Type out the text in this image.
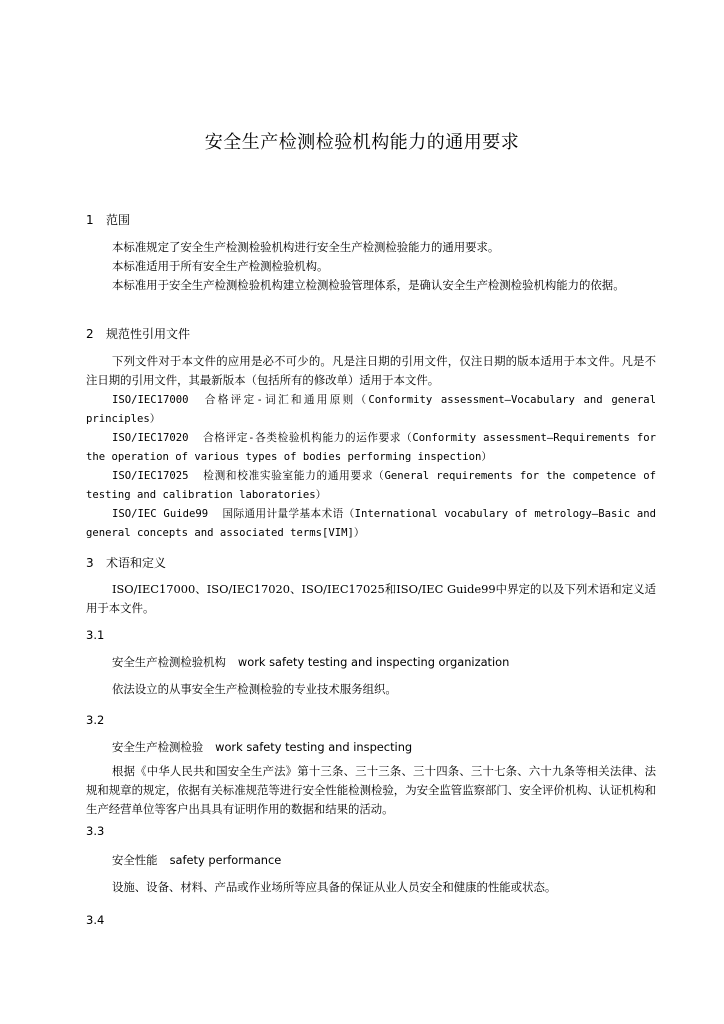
安全生产检测检验机构能力的通用要求
1 范围

本标准规定了安全生产检测检验机构进行安全生产检测检验能力的通用要求。

本标准适用于所有安全生产检测检验机构。

本标准用于安全生产检测检验机构建立检测检验管理体系，是确认安全生产检测检验机构能力的依据。

2 规范性引用文件

下列文件对于本文件的应用是必不可少的。凡是注日期的引用文件，仅注日期的版本适用于本文件。凡是不注日期的引用文件，其最新版本（包括所有的修改单）适用于本文件。

ISO/IEC17000 合格评定-词汇和通用原则（Conformity assessment—Vocabulary and general principles）

ISO/IEC17020 合格评定-各类检验机构能力的运作要求（Conformity assessment—Requirements for the operation of various types of bodies performing inspection）

ISO/IEC17025 检测和校准实验室能力的通用要求（General requirements for the competence of testing and calibration laboratories）

ISO/IEC Guide99 国际通用计量学基本术语（International vocabulary of metrology—Basic and general concepts and associated terms[VIM]）

3 术语和定义

ISO/IEC17000、ISO/IEC17020、ISO/IEC17025和ISO/IEC Guide99中界定的以及下列术语和定义适用于本文件。

3.1
安全生产检测检验机构 work safety testing and inspecting organization

依法设立的从事安全生产检测检验的专业技术服务组织。

3.2
安全生产检测检验 work safety testing and inspecting

根据《中华人民共和国安全生产法》第十三条、三十三条、三十四条、三十七条、六十九条等相关法律、法规和规章的规定，依据有关标准规范等进行安全性能检测检验，为安全监管监察部门、安全评价机构、认证机构和生产经营单位等客户出具具有证明作用的数据和结果的活动。

3.3
安全性能 safety performance

设施、设备、材料、产品或作业场所等应具备的保证从业人员安全和健康的性能或状态。

3.4
